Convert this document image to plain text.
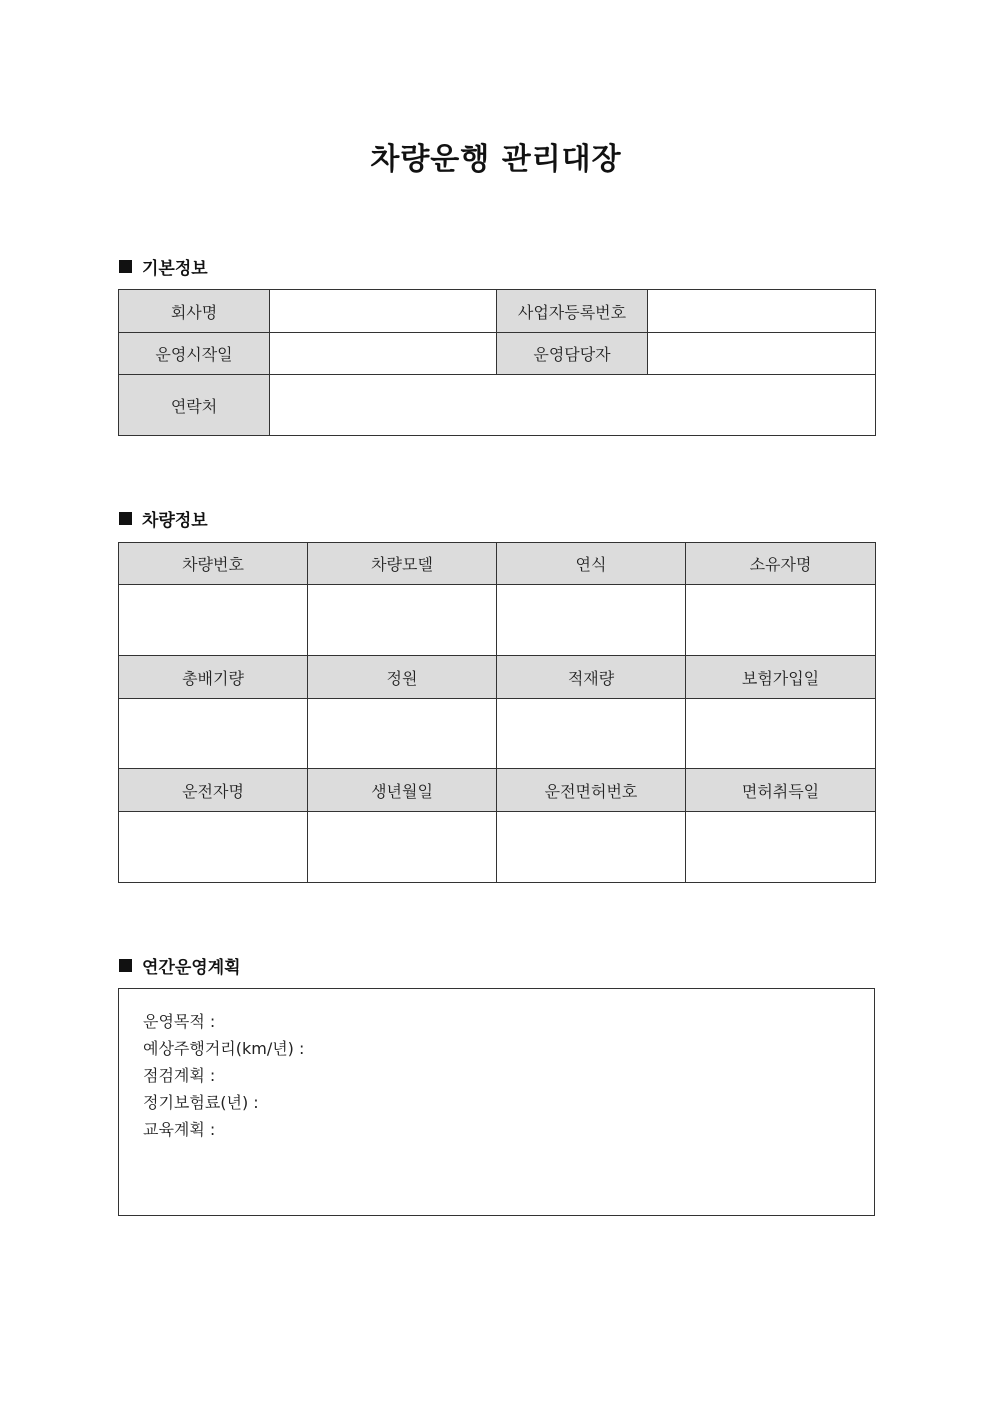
차량운행 관리대장
기본정보
회사명		사업자등록번호	
운영시작일		운영담당자	
연락처			
차량정보
차량번호	차량모델	연식	소유자명

총배기량	정원	적재량	보험가입일

운전자명	생년월일	운전면허번호	면허취득일

연간운영계획
운영목적 :
예상주행거리(km/년) :
점검계획 :
정기보험료(년) :
교육계획 :
